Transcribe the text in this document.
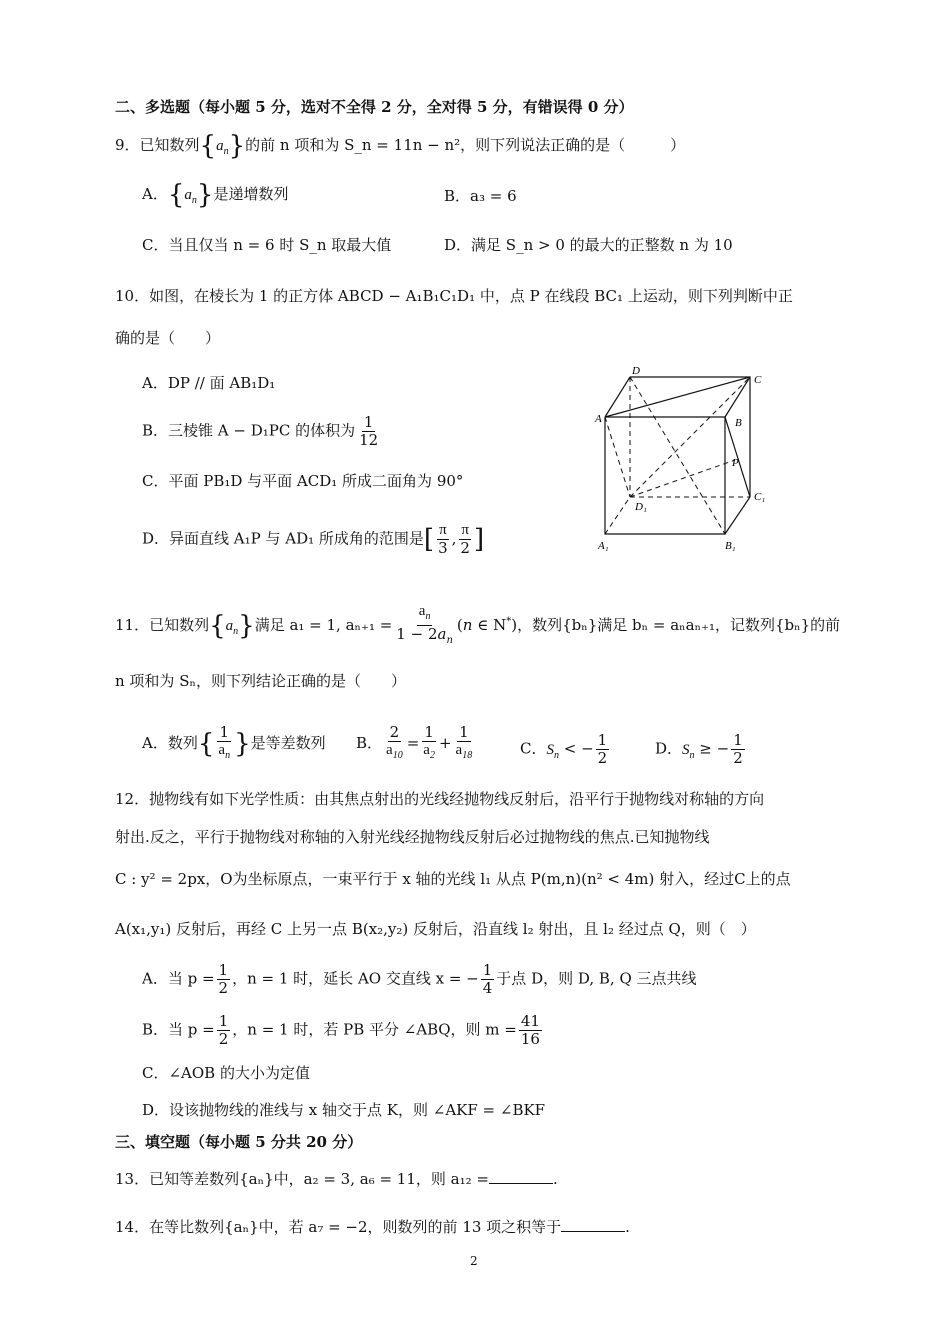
二、多选题（每小题 5 分，选对不全得 2 分，全对得 5 分，有错误得 0 分）
9．已知数列$\{a_n\}$的前 n 项和为 S_n = 11n − n²，则下列说法正确的是（　　　）
A．$\{a_n\}$是递增数列	B．a₃ = 6
C．当且仅当 n = 6 时 S_n 取最大值	D．满足 S_n > 0 的最大的正整数 n 为 10
10．如图，在棱长为 1 的正方体 ABCD − A₁B₁C₁D₁ 中，点 P 在线段 BC₁ 上运动，则下列判断中正
确的是（　　）
A．DP // 面 AB₁D₁
B．三棱锥 A − D₁PC 的体积为 $\frac{1}{12}$
C．平面 PB₁D 与平面 ACD₁ 所成二面角为 90°
D．异面直线 A₁P 与 AD₁ 所成角的范围是[ $\frac{\pi}{3}$ , $\frac{\pi}{2}$ ]
D
C
A	B
P
D₁
C₁
A₁	B₁
11．已知数列$\{a_n\}$满足 a₁ = 1, $a_{n+1} = \frac{a_n}{1 - 2a_n} (n$ ∈ N*)，数列{bₙ}满足 bₙ = aₙaₙ₊₁，记数列{bₙ}的前
n 项和为 Sₙ，则下列结论正确的是（　　）
A．数列{ $\frac{1}{a_n}$ }是等差数列 B． $\frac{2}{a_{10}} = \frac{1}{a_2} + \frac{1}{a_{18}}$	C．$S_n$ < − $\frac{1}{2}$	D．$S_n$ ≥ − $\frac{1}{2}$
12．抛物线有如下光学性质：由其焦点射出的光线经抛物线反射后，沿平行于抛物线对称轴的方向
射出.反之，平行于抛物线对称轴的入射光线经抛物线反射后必过抛物线的焦点.已知抛物线
C : y² = 2px，O为坐标原点，一束平行于 x 轴的光线 l₁ 从点 P(m,n)(n² < 4m) 射入，经过C上的点
A(x₁,y₁) 反射后，再经 C 上另一点 B(x₂,y₂) 反射后，沿直线 l₂ 射出，且 l₂ 经过点 Q，则（　）
A．当 $p = \frac{1}{2}$ ，n = 1 时，延长 AO 交直线 x = − $\frac{1}{4}$ 于点 D，则 D, B, Q 三点共线
B．当 $p = \frac{1}{2}$ ，n = 1 时，若 PB 平分 ∠ABQ，则 $m = \frac{41}{16}$
C．∠AOB 的大小为定值
D．设该抛物线的准线与 x 轴交于点 K，则 ∠AKF = ∠BKF
三、填空题（每小题 5 分共 20 分）
13．已知等差数列{aₙ}中，a₂ = 3, a₆ = 11，则 a₁₂ =	.
14．在等比数列{aₙ}中，若 a₇ = −2，则数列的前 13 项之积等于	.
2
